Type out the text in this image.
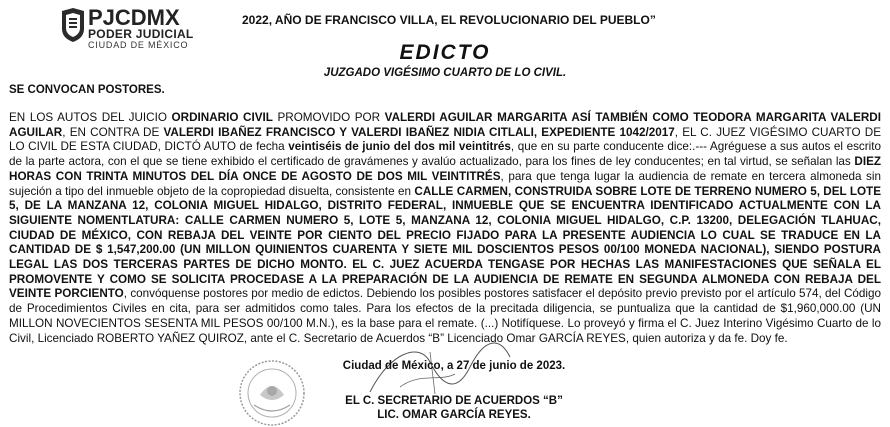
PJCDMX
PODER JUDICIAL
CIUDAD DE MÉXICO
2022, AÑO DE FRANCISCO VILLA, EL REVOLUCIONARIO DEL PUEBLO”
EDICTO
JUZGADO VIGÉSIMO CUARTO DE LO CIVIL.
SE CONVOCAN POSTORES.
EN LOS AUTOS DEL JUICIO ORDINARIO CIVIL PROMOVIDO POR VALERDI AGUILAR MARGARITA ASÍ TAMBIÉN COMO TEODORA MARGARITA VALERDI AGUILAR, EN CONTRA DE VALERDI IBAÑEZ FRANCISCO Y VALERDI IBAÑEZ NIDIA CITLALI, EXPEDIENTE 1042/2017, EL C. JUEZ VIGÉSIMO CUARTO DE LO CIVIL DE ESTA CIUDAD, DICTÓ AUTO de fecha veintiséis de junio del dos mil veintitrés, que en su parte conducente dice:.--- Agréguese a sus autos el escrito de la parte actora, con el que se tiene exhibido el certificado de gravámenes y avalúo actualizado, para los fines de ley conducentes; en tal virtud, se señalan las DIEZ HORAS CON TRINTA MINUTOS DEL DÍA ONCE DE AGOSTO DE DOS MIL VEINTITRÉS, para que tenga lugar la audiencia de remate en tercera almoneda sin sujeción a tipo del inmueble objeto de la copropiedad disuelta, consistente en CALLE CARMEN, CONSTRUIDA SOBRE LOTE DE TERRENO NUMERO 5, DEL LOTE 5, DE LA MANZANA 12, COLONIA MIGUEL HIDALGO, DISTRITO FEDERAL, INMUEBLE QUE SE ENCUENTRA IDENTIFICADO ACTUALMENTE CON LA SIGUIENTE NOMENTLATURA: CALLE CARMEN NUMERO 5, LOTE 5, MANZANA 12, COLONIA MIGUEL HIDALGO, C.P. 13200, DELEGACIÓN TLAHUAC, CIUDAD DE MÉXICO, CON REBAJA DEL VEINTE POR CIENTO DEL PRECIO FIJADO PARA LA PRESENTE AUDIENCIA LO CUAL SE TRADUCE EN LA CANTIDAD DE $ 1,547,200.00 (UN MILLON QUINIENTOS CUARENTA Y SIETE MIL DOSCIENTOS PESOS 00/100 MONEDA NACIONAL), SIENDO POSTURA LEGAL LAS DOS TERCERAS PARTES DE DICHO MONTO. EL C. JUEZ ACUERDA TENGASE POR HECHAS LAS MANIFESTACIONES QUE SEÑALA EL PROMOVENTE Y COMO SE SOLICITA PROCEDASE A LA PREPARACIÓN DE LA AUDIENCIA DE REMATE EN SEGUNDA ALMONEDA CON REBAJA DEL VEINTE PORCIENTO, convóquense postores por medio de edictos. Debiendo los posibles postores satisfacer el depósito previo previsto por el artículo 574, del Código de Procedimientos Civiles en cita, para ser admitidos como tales. Para los efectos de la precitada diligencia, se puntualiza que la cantidad de $1,960,000.00 (UN MILLON NOVECIENTOS SESENTA MIL PESOS 00/100 M.N.), es la base para el remate. (...) Notifíquese. Lo proveyó y firma el C. Juez Interino Vigésimo Cuarto de lo Civil, Licenciado ROBERTO YAÑEZ QUIROZ, ante el C. Secretario de Acuerdos “B” Licenciado Omar GARCÍA REYES, quien autoriza y da fe. Doy fe.
Ciudad de México, a 27 de junio de 2023.
EL C. SECRETARIO DE ACUERDOS “B”
LIC. OMAR GARCÍA REYES.
